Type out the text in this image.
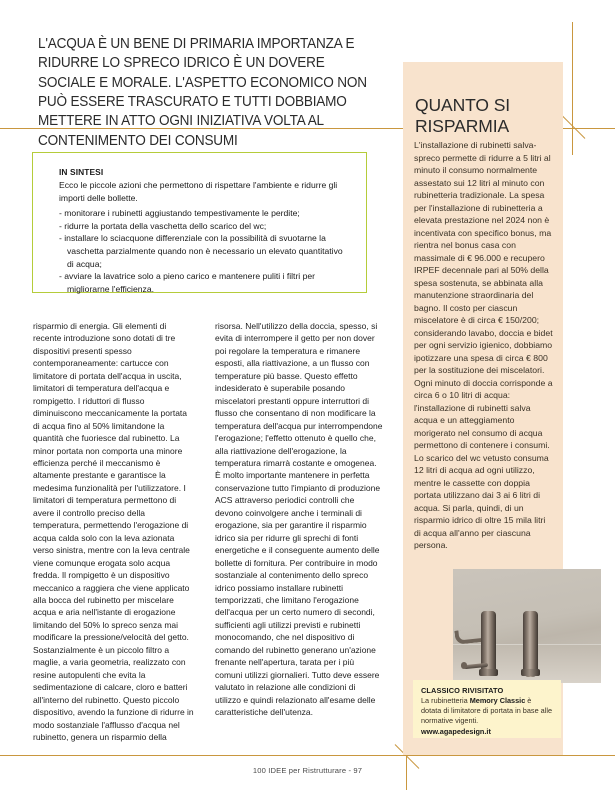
L'ACQUA È UN BENE DI PRIMARIA IMPORTANZA E RIDURRE LO SPRECO IDRICO È UN DOVERE SOCIALE E MORALE. L'ASPETTO ECONOMICO NON PUÒ ESSERE TRASCURATO E TUTTI DOBBIAMO METTERE IN ATTO OGNI INIZIATIVA VOLTA AL CONTENIMENTO DEI CONSUMI
IN SINTESI

Ecco le piccole azioni che permettono di rispettare l'ambiente e ridurre gli importi delle bollette.

- monitorare i rubinetti aggiustando tempestivamente le perdite;
- ridurre la portata della vaschetta dello scarico del wc;
- installare lo sciacquone differenziale con la possibilità di svuotarne la vaschetta parzialmente quando non è necessario un elevato quantitativo di acqua;
- avviare la lavatrice solo a pieno carico e mantenere puliti i filtri per migliorarne l'efficienza.

risparmio di energia. Gli elementi di recente introduzione sono dotati di tre dispositivi presenti spesso contemporaneamente: cartucce con limitatore di portata dell'acqua in uscita, limitatori di temperatura dell'acqua e rompigetto. I riduttori di flusso diminuiscono meccanicamente la portata di acqua fino al 50% limitandone la quantità che fuoriesce dal rubinetto. La minor portata non comporta una minore efficienza perché il meccanismo è altamente prestante e garantisce la medesima funzionalità per l'utilizzatore. I limitatori di temperatura permettono di avere il controllo preciso della temperatura, permettendo l'erogazione di acqua calda solo con la leva azionata verso sinistra, mentre con la leva centrale viene comunque erogata solo acqua fredda. Il rompigetto è un dispositivo meccanico a raggiera che viene applicato alla bocca del rubinetto per miscelare acqua e aria nell'istante di erogazione limitando del 50% lo spreco senza mai modificare la pressione/velocità del getto. Sostanzialmente è un piccolo filtro a maglie, a varia geometria, realizzato con resine autopulenti che evita la sedimentazione di calcare, cloro e batteri all'interno del rubinetto. Questo piccolo dispositivo, avendo la funzione di ridurre in modo sostanziale l'afflusso d'acqua nel rubinetto, genera un risparmio della

risorsa. Nell'utilizzo della doccia, spesso, si evita di interrompere il getto per non dover poi regolare la temperatura e rimanere esposti, alla riattivazione, a un flusso con temperature più basse. Questo effetto indesiderato è superabile posando miscelatori prestanti oppure interruttori di flusso che consentano di non modificare la temperatura dell'acqua pur interrompendone l'erogazione; l'effetto ottenuto è quello che, alla riattivazione dell'erogazione, la temperatura rimarrà costante e omogenea. È molto importante mantenere in perfetta conservazione tutto l'impianto di produzione ACS attraverso periodici controlli che devono coinvolgere anche i terminali di erogazione, sia per garantire il risparmio idrico sia per ridurre gli sprechi di fonti energetiche e il conseguente aumento delle bollette di fornitura. Per contribuire in modo sostanziale al contenimento dello spreco idrico possiamo installare rubinetti temporizzati, che limitano l'erogazione dell'acqua per un certo numero di secondi, sufficienti agli utilizzi previsti e rubinetti monocomando, che nel dispositivo di comando del rubinetto generano un'azione frenante nell'apertura, tarata per i più comuni utilizzi giornalieri. Tutto deve essere valutato in relazione alle condizioni di utilizzo e quindi relazionato all'esame delle caratteristiche dell'utenza.

QUANTO SI RISPARMIA

L'installazione di rubinetti salva-spreco permette di ridurre a 5 litri al minuto il consumo normalmente assestato sui 12 litri al minuto con rubinetteria tradizionale. La spesa per l'installazione di rubinetteria a elevata prestazione nel 2024 non è incentivata con specifico bonus, ma rientra nel bonus casa con massimale di € 96.000 e recupero IRPEF decennale pari al 50% della spesa sostenuta, se abbinata alla manutenzione straordinaria del bagno. Il costo per ciascun miscelatore è di circa € 150/200; considerando lavabo, doccia e bidet per ogni servizio igienico, dobbiamo ipotizzare una spesa di circa € 800 per la sostituzione dei miscelatori. Ogni minuto di doccia corrisponde a circa 6 o 10 litri di acqua: l'installazione di rubinetti salva acqua e un atteggiamento morigerato nel consumo di acqua permettono di contenere i consumi. Lo scarico del wc vetusto consuma 12 litri di acqua ad ogni utilizzo, mentre le cassette con doppia portata utilizzano dai 3 ai 6 litri di acqua. Si parla, quindi, di un risparmio idrico di oltre 15 mila litri di acqua all'anno per ciascuna persona.

CLASSICO RIVISITATO

La rubinetteria Memory Classic è dotata di limitatore di portata in base alle normative vigenti.

www.agapedesign.it

100 IDEE per Ristrutturare - 97
